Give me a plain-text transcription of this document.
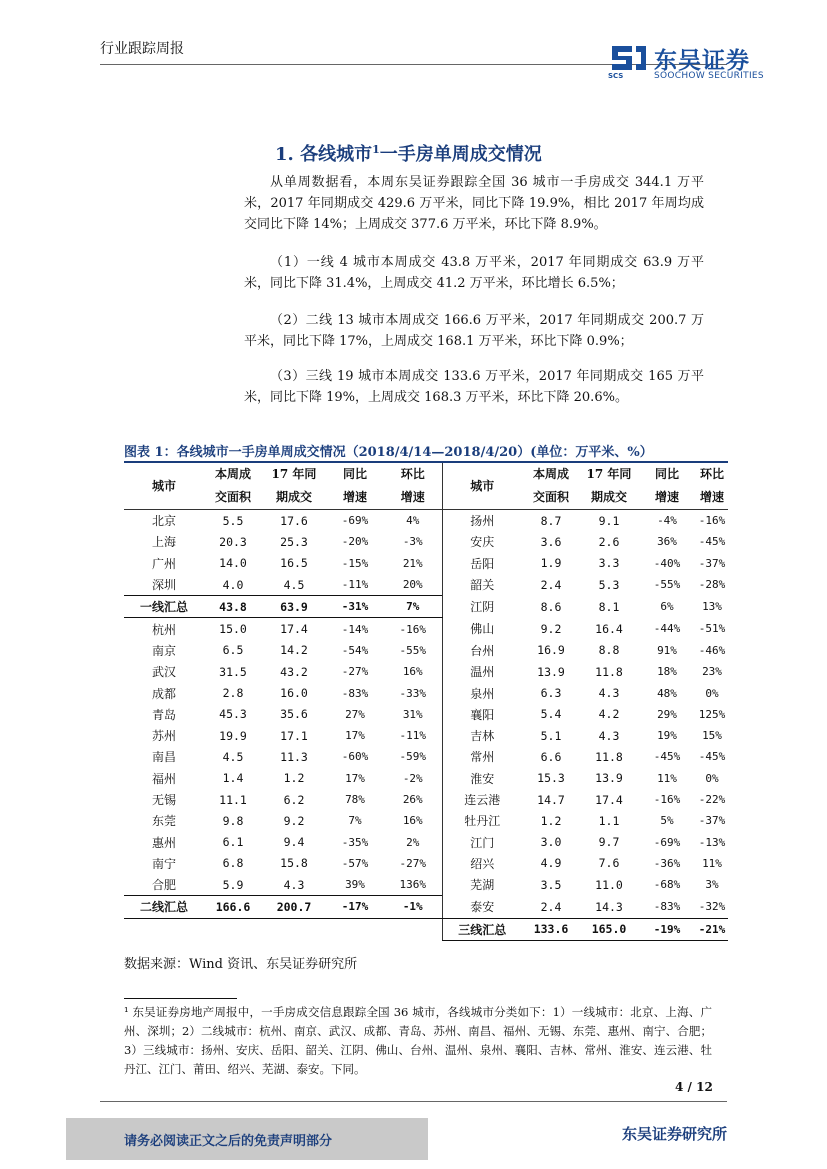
行业跟踪周报
SCS
东吴证券
SOOCHOW SECURITIES
1. 各线城市$^1$一手房单周成交情况

从单周数据看，本周东吴证券跟踪全国 36 城市一手房成交 344.1 万平米，2017 年同期成交 429.6 万平米，同比下降 19.9%，相比 2017 年周均成交同比下降 14%；上周成交 377.6 万平米，环比下降 8.9%。

（1）一线 4 城市本周成交 43.8 万平米，2017 年同期成交 63.9 万平米，同比下降 31.4%，上周成交 41.2 万平米，环比增长 6.5%；

（2）二线 13 城市本周成交 166.6 万平米，2017 年同期成交 200.7 万平米，同比下降 17%，上周成交 168.1 万平米，环比下降 0.9%；

（3）三线 19 城市本周成交 133.6 万平米，2017 年同期成交 165 万平米，同比下降 19%，上周成交 168.3 万平米，环比下降 20.6%。

图表 1：各线城市一手房单周成交情况（2018/4/14—2018/4/20）(单位：万平米、%）
城市	本周成
交面积	17 年同
期成交	同比
增速	环比
增速	城市	本周成
交面积	17 年同
期成交	同比
增速	环比
增速
北京	5.5	17.6	-69%	4%	扬州	8.7	9.1	-4%	-16%
上海	20.3	25.3	-20%	-3%	安庆	3.6	2.6	36%	-45%
广州	14.0	16.5	-15%	21%	岳阳	1.9	3.3	-40%	-37%
深圳	4.0	4.5	-11%	20%	韶关	2.4	5.3	-55%	-28%
一线汇总	43.8	63.9	-31%	7%	江阴	8.6	8.1	6%	13%
杭州	15.0	17.4	-14%	-16%	佛山	9.2	16.4	-44%	-51%
南京	6.5	14.2	-54%	-55%	台州	16.9	8.8	91%	-46%
武汉	31.5	43.2	-27%	16%	温州	13.9	11.8	18%	23%
成都	2.8	16.0	-83%	-33%	泉州	6.3	4.3	48%	0%
青岛	45.3	35.6	27%	31%	襄阳	5.4	4.2	29%	125%
苏州	19.9	17.1	17%	-11%	吉林	5.1	4.3	19%	15%
南昌	4.5	11.3	-60%	-59%	常州	6.6	11.8	-45%	-45%
福州	1.4	1.2	17%	-2%	淮安	15.3	13.9	11%	0%
无锡	11.1	6.2	78%	26%	连云港	14.7	17.4	-16%	-22%
东莞	9.8	9.2	7%	16%	牡丹江	1.2	1.1	5%	-37%
惠州	6.1	9.4	-35%	2%	江门	3.0	9.7	-69%	-13%
南宁	6.8	15.8	-57%	-27%	绍兴	4.9	7.6	-36%	11%
合肥	5.9	4.3	39%	136%	芜湖	3.5	11.0	-68%	3%
二线汇总	166.6	200.7	-17%	-1%	泰安	2.4	14.3	-83%	-32%
					三线汇总	133.6	165.0	-19%	-21%
数据来源：Wind 资讯、东吴证券研究所
¹ 东吴证券房地产周报中，一手房成交信息跟踪全国 36 城市，各线城市分类如下：1）一线城市：北京、上海、广州、深圳；2）二线城市：杭州、南京、武汉、成都、青岛、苏州、南昌、福州、无锡、东莞、惠州、南宁、合肥；3）三线城市：扬州、安庆、岳阳、韶关、江阴、佛山、台州、温州、泉州、襄阳、吉林、常州、淮安、连云港、牡丹江、江门、莆田、绍兴、芜湖、泰安。下同。
4 / 12
请务必阅读正文之后的免责声明部分	东吴证券研究所
